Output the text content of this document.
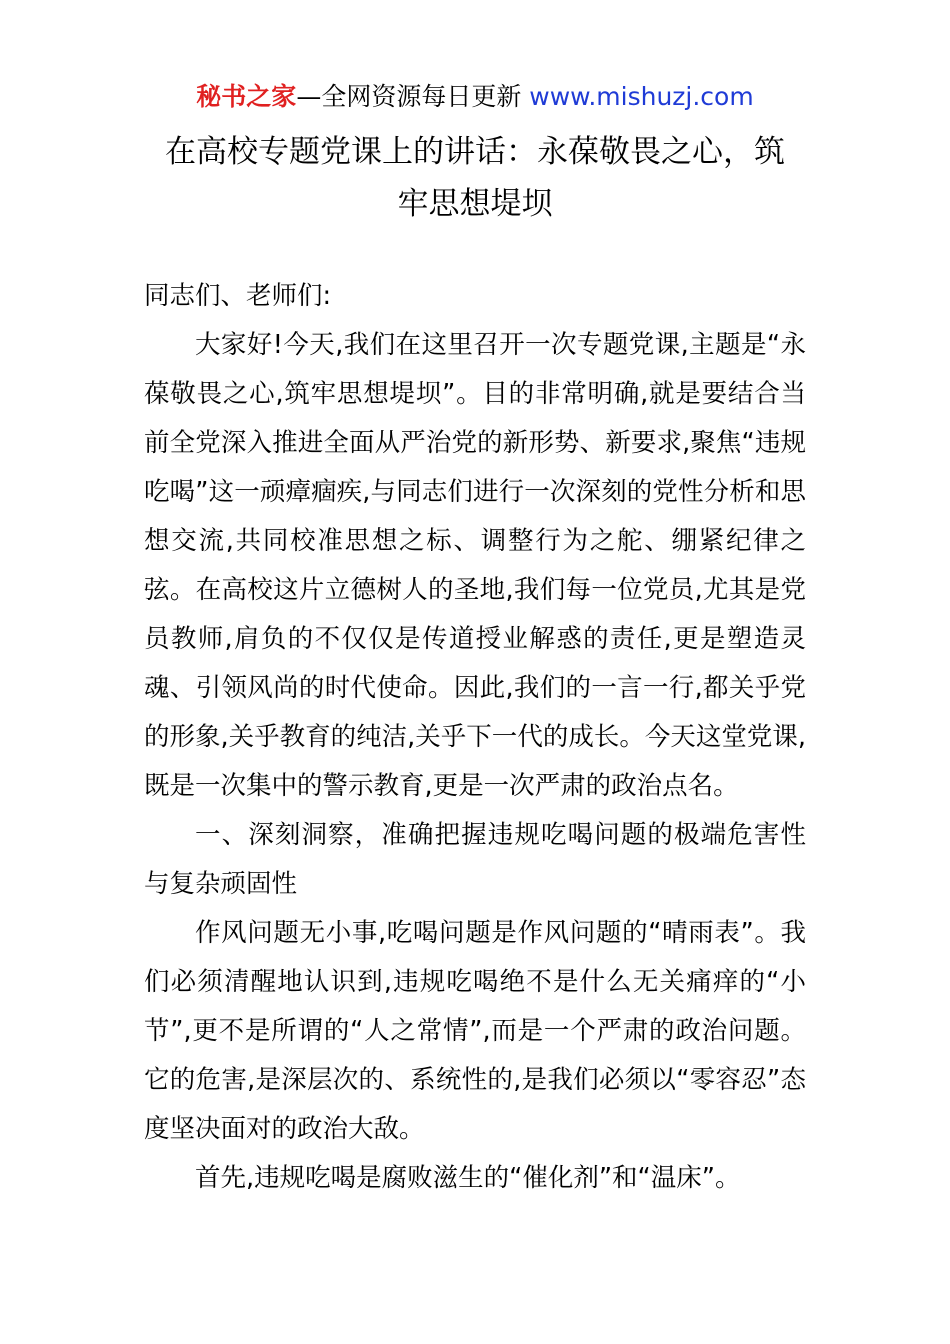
秘书之家—全网资源每日更新 www.mishuzj.com
在高校专题党课上的讲话：永葆敬畏之心，筑牢思想堤坝

同志们、老师们:

大家好!今天,我们在这里召开一次专题党课,主题是“永葆敬畏之心,筑牢思想堤坝”。目的非常明确,就是要结合当前全党深入推进全面从严治党的新形势、新要求,聚焦“违规吃喝”这一顽瘴痼疾,与同志们进行一次深刻的党性分析和思想交流,共同校准思想之标、调整行为之舵、绷紧纪律之弦。在高校这片立德树人的圣地,我们每一位党员,尤其是党员教师,肩负的不仅仅是传道授业解惑的责任,更是塑造灵魂、引领风尚的时代使命。因此,我们的一言一行,都关乎党的形象,关乎教育的纯洁,关乎下一代的成长。今天这堂党课,既是一次集中的警示教育,更是一次严肃的政治点名。

一、深刻洞察，准确把握违规吃喝问题的极端危害性与复杂顽固性

作风问题无小事,吃喝问题是作风问题的“晴雨表”。我们必须清醒地认识到,违规吃喝绝不是什么无关痛痒的“小节”,更不是所谓的“人之常情”,而是一个严肃的政治问题。它的危害,是深层次的、系统性的,是我们必须以“零容忍”态度坚决面对的政治大敌。

首先,违规吃喝是腐败滋生的“催化剂”和“温床”。
